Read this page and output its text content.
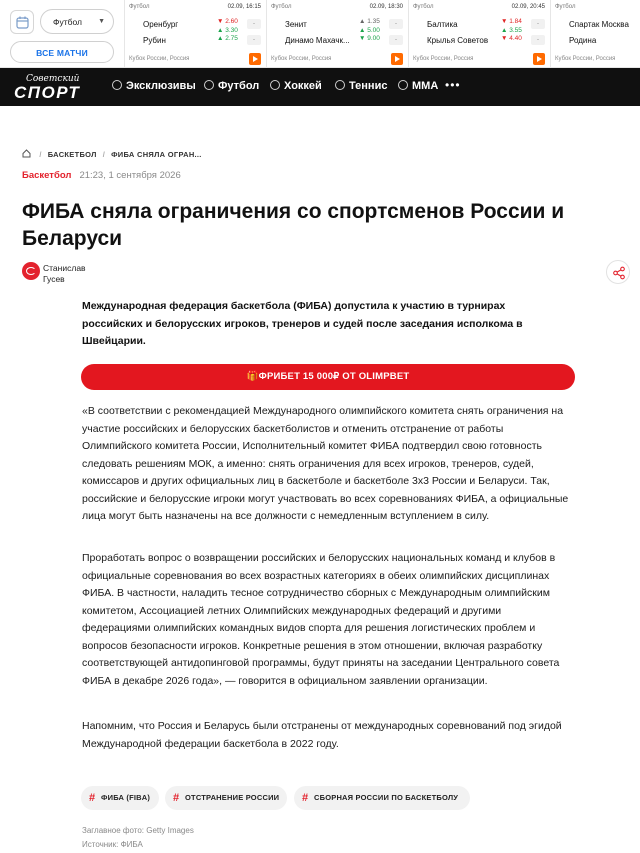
Футбол ▼
ВСЕ МАТЧИ
Футбол	02.09, 16:15
Оренбург
Рубин
▼ 2.60
▲ 3.30
▲ 2.75
-
-
Кубок России, Россия
Футбол	02.09, 18:30
Зенит
Динамо Махачк...
▲ 1.35
▲ 5.00
▼ 9.00
-
-
Кубок России, Россия
Футбол	02.09, 20:45
Балтика
Крылья Советов
▼ 1.84
▲ 3.55
▼ 4.40
-
-
Кубок России, Россия
Футбол
Спартак Москва
Родина
Кубок России, Россия
Советский
СПОРТ	Эксклюзивы	Футбол	Хоккей	Теннис	ММА •••
/ БАСКЕТБОЛ / ФИБА СНЯЛА ОГРАН...
Баскетбол 21:23, 1 сентября 2026
ФИБА сняла ограничения со спортсменов России и Беларуси
Станислав Гусев

Международная федерация баскетбола (ФИБА) допустила к участию в турнирах российских и белорусских игроков, тренеров и судей после заседания исполкома в Швейцарии.

🎁ФРИБЕТ 15 000₽ ОТ OLIMPBET

«В соответствии с рекомендацией Международного олимпийского комитета снять ограничения на участие российских и белорусских баскетболистов и отменить отстранение от работы Олимпийского комитета России, Исполнительный комитет ФИБА подтвердил свою готовность следовать решениям МОК, а именно: снять ограничения для всех игроков, тренеров, судей, комиссаров и других официальных лиц в баскетболе и баскетболе 3x3 России и Беларуси. Так, российские и белорусские игроки могут участвовать во всех соревнованиях ФИБА, а официальные лица могут быть назначены на все должности с немедленным вступлением в силу.

Проработать вопрос о возвращении российских и белорусских национальных команд и клубов в официальные соревнования во всех возрастных категориях в обеих олимпийских дисциплинах ФИБА. В частности, наладить тесное сотрудничество сборных с Международным олимпийским комитетом, Ассоциацией летних Олимпийских международных федераций и другими федерациями олимпийских командных видов спорта для решения логистических проблем и вопросов безопасности игроков. Конкретные решения в этом отношении, включая разработку соответствующей антидопинговой программы, будут приняты на заседании Центрального совета ФИБА в декабре 2026 года», — говорится в официальном заявлении организации.

Напомним, что Россия и Беларусь были отстранены от международных соревнований под эгидой Международной федерации баскетбола в 2022 году.

# ФИБА (FIBA)	# ОТСТРАНЕНИЕ РОССИИ	# СБОРНАЯ РОССИИ ПО БАСКЕТБОЛУ
Заглавное фото: Getty Images
Источник: ФИБА
